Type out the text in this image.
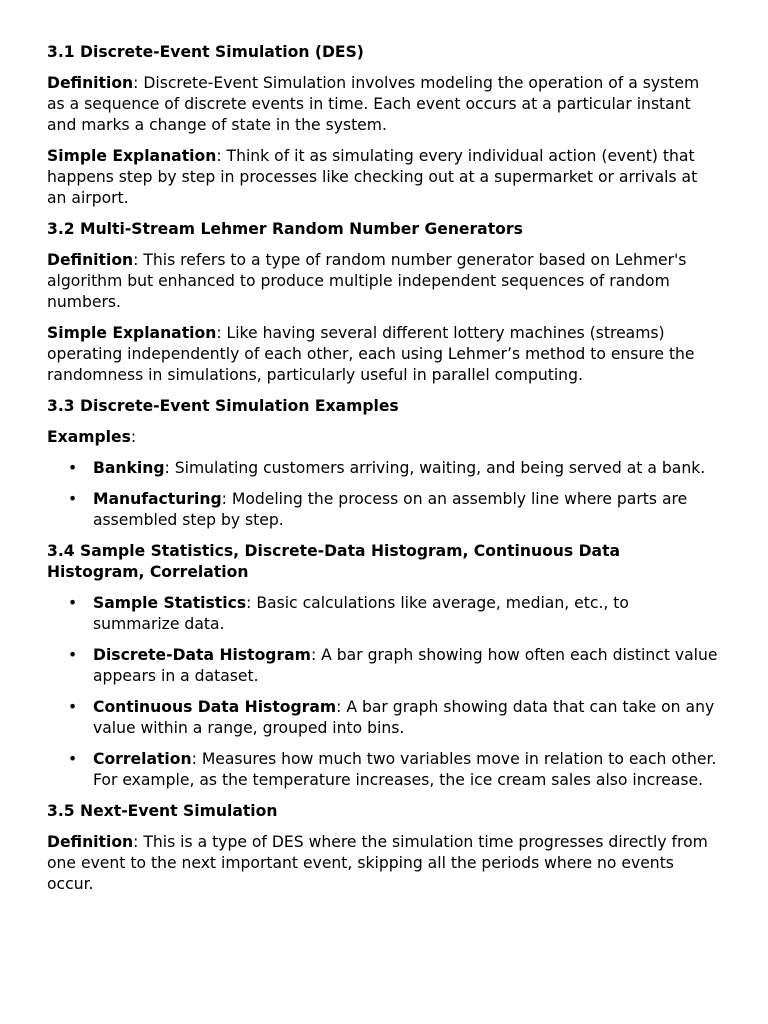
3.1 Discrete-Event Simulation (DES)
Definition: Discrete-Event Simulation involves modeling the operation of a system as a sequence of discrete events in time. Each event occurs at a particular instant and marks a change of state in the system.
Simple Explanation: Think of it as simulating every individual action (event) that happens step by step in processes like checking out at a supermarket or arrivals at an airport.
3.2 Multi-Stream Lehmer Random Number Generators
Definition: This refers to a type of random number generator based on Lehmer's algorithm but enhanced to produce multiple independent sequences of random numbers.
Simple Explanation: Like having several different lottery machines (streams) operating independently of each other, each using Lehmer’s method to ensure the randomness in simulations, particularly useful in parallel computing.
3.3 Discrete-Event Simulation Examples
Examples:
• Banking: Simulating customers arriving, waiting, and being served at a bank.
• Manufacturing: Modeling the process on an assembly line where parts are assembled step by step.
3.4 Sample Statistics, Discrete-Data Histogram, Continuous Data Histogram, Correlation
• Sample Statistics: Basic calculations like average, median, etc., to summarize data.
• Discrete-Data Histogram: A bar graph showing how often each distinct value appears in a dataset.
• Continuous Data Histogram: A bar graph showing data that can take on any value within a range, grouped into bins.
• Correlation: Measures how much two variables move in relation to each other. For example, as the temperature increases, the ice cream sales also increase.
3.5 Next-Event Simulation
Definition: This is a type of DES where the simulation time progresses directly from one event to the next important event, skipping all the periods where no events occur.
